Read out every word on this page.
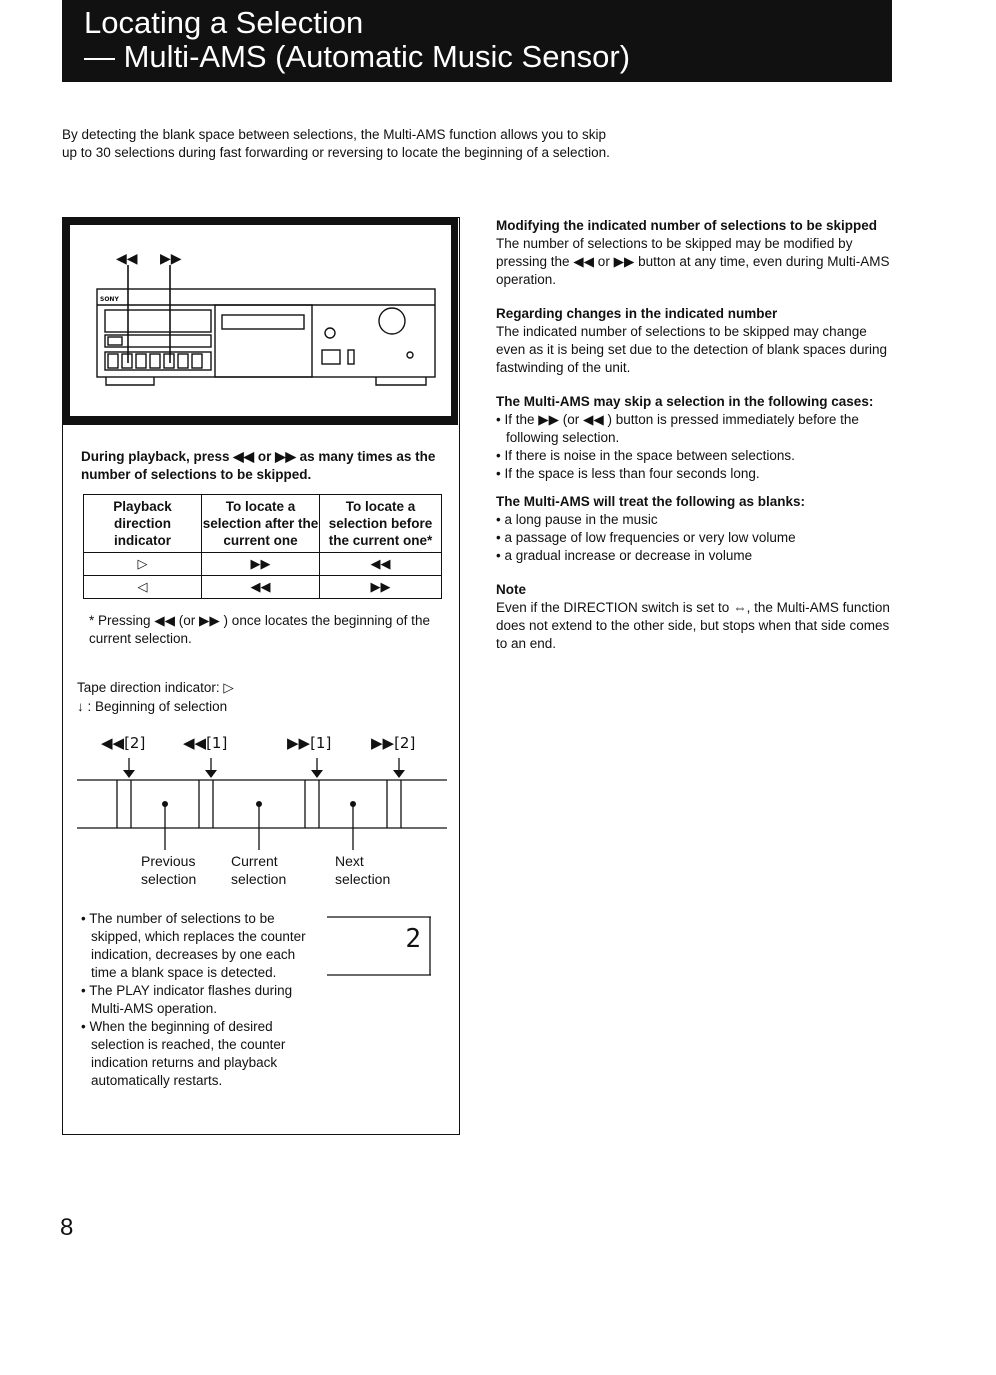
Locating a Selection
— Multi-AMS (Automatic Music Sensor)
By detecting the blank space between selections, the Multi-AMS function allows you to skip up to 30 selections during fast forwarding or reversing to locate the beginning of a selection.
◀◀ ▶▶
SONY
During playback, press ◀◀ or ▶▶ as many times as the number of selections to be skipped.
Playback direction indicator	To locate a selection after the current one	To locate a selection before the current one*
▷	▶▶	◀◀
◁	◀◀	▶▶
* Pressing ◀◀ (or ▶▶ ) once locates the beginning of the current selection.
Tape direction indicator: ▷
↓ : Beginning of selection
◀◀[2]	◀◀[1]	▶▶[1]	▶▶[2]
Previous
selection
Current
selection
Next
selection
• The number of selections to be skipped, which replaces the counter indication, decreases by one each time a blank space is detected.
• The PLAY indicator flashes during Multi-AMS operation.
• When the beginning of desired selection is reached, the counter indication returns and playback automatically restarts.
2
Modifying the indicated number of selections to be skipped

The number of selections to be skipped may be modified by pressing the ◀◀ or ▶▶ button at any time, even during Multi-AMS operation.

Regarding changes in the indicated number

The indicated number of selections to be skipped may change even as it is being set due to the detection of blank spaces during fastwinding of the unit.

The Multi-AMS may skip a selection in the following cases:
• If the ▶▶ (or ◀◀ ) button is pressed immediately before the following selection.
• If there is noise in the space between selections.
• If the space is less than four seconds long.
The Multi-AMS will treat the following as blanks:
• a long pause in the music
• a passage of low frequencies or very low volume
• a gradual increase or decrease in volume
Note

Even if the DIRECTION switch is set to ⇔, the Multi-AMS function does not extend to the other side, but stops when that side comes to an end.

8
